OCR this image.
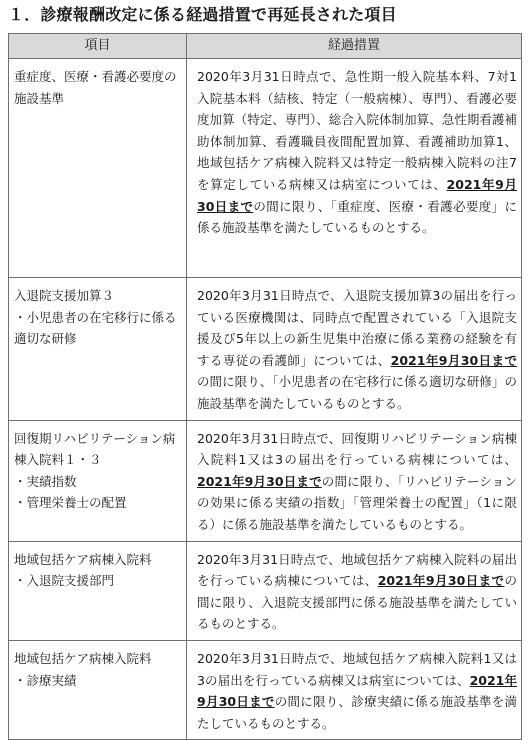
１．診療報酬改定に係る経過措置で再延長された項目
項目	経過措置

重症度、医療・看護必要度の施設基準	2020年3月31日時点で、急性期一般入院基本料、7対1入院基本料（結核、特定（一般病棟）、専門）、看護必要度加算（特定、専門）、総合入院体制加算、急性期看護補助体制加算、看護職員夜間配置加算、看護補助加算1、地域包括ケア病棟入院料又は特定一般病棟入院料の注7を算定している病棟又は病室については、2021年9月30日までの間に限り、「重症度、医療・看護必要度」に係る施設基準を満たしているものとする。

入退院支援加算３
・小児患者の在宅移行に係る適切な研修	2020年3月31日時点で、入退院支援加算3の届出を行っている医療機関は、同時点で配置されている「入退院支援及び5年以上の新生児集中治療に係る業務の経験を有する専従の看護師」については、2021年9月30日までの間に限り、「小児患者の在宅移行に係る適切な研修」の施設基準を満たしているものとする。

回復期リハビリテーション病棟入院料１・３
・実績指数
・管理栄養士の配置	2020年3月31日時点で、回復期リハビリテーション病棟入院料1又は3の届出を行っている病棟については、2021年9月30日までの間に限り、「リハビリテーションの効果に係る実績の指数」「管理栄養士の配置」（1に限る）に係る施設基準を満たしているものとする。

地域包括ケア病棟入院料
・入退院支援部門	2020年3月31日時点で、地域包括ケア病棟入院料の届出を行っている病棟については、2021年9月30日までの間に限り、入退院支援部門に係る施設基準を満たしているものとする。

地域包括ケア病棟入院料
・診療実績	2020年3月31日時点で、地域包括ケア病棟入院料1又は3の届出を行っている病棟又は病室については、2021年9月30日までの間に限り、診療実績に係る施設基準を満たしているものとする。
